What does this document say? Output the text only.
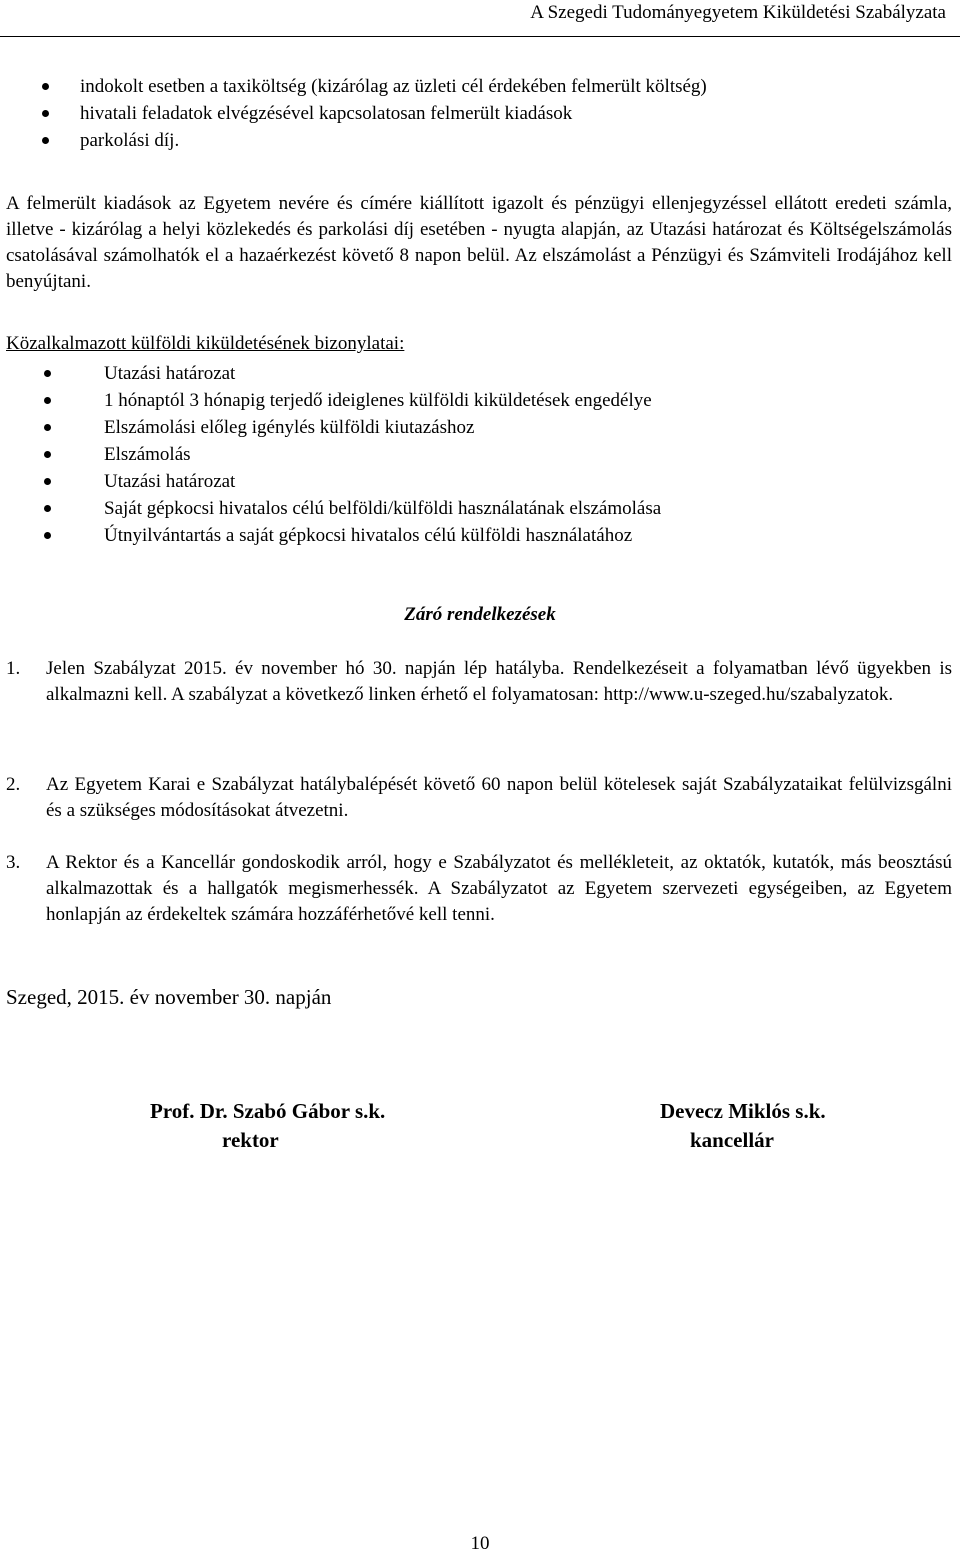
A Szegedi Tudományegyetem Kiküldetési Szabályzata
indokolt esetben a taxiköltség (kizárólag az üzleti cél érdekében felmerült költség)
hivatali feladatok elvégzésével kapcsolatosan felmerült kiadások
parkolási díj.
A felmerült kiadások az Egyetem nevére és címére kiállított igazolt és pénzügyi ellenjegyzéssel ellátott eredeti számla, illetve - kizárólag a helyi közlekedés és parkolási díj esetében - nyugta alapján, az Utazási határozat és Költségelszámolás csatolásával számolhatók el a hazaérkezést követő 8 napon belül. Az elszámolást a Pénzügyi és Számviteli Irodájához kell benyújtani.
Közalkalmazott külföldi kiküldetésének bizonylatai:
Utazási határozat
1 hónaptól 3 hónapig terjedő ideiglenes külföldi kiküldetések engedélye
Elszámolási előleg igénylés külföldi kiutazáshoz
Elszámolás
Utazási határozat
Saját gépkocsi hivatalos célú belföldi/külföldi használatának elszámolása
Útnyilvántartás a saját gépkocsi hivatalos célú külföldi használatához
Záró rendelkezések
1. Jelen Szabályzat 2015. év november hó 30. napján lép hatályba. Rendelkezéseit a folyamatban lévő ügyekben is alkalmazni kell. A szabályzat a következő linken érhető el folyamatosan: http://www.u-szeged.hu/szabalyzatok.
2. Az Egyetem Karai e Szabályzat hatálybalépését követő 60 napon belül kötelesek saját Szabályzataikat felülvizsgálni és a szükséges módosításokat átvezetni.
3. A Rektor és a Kancellár gondoskodik arról, hogy e Szabályzatot és mellékleteit, az oktatók, kutatók, más beosztású alkalmazottak és a hallgatók megismerhessék. A Szabályzatot az Egyetem szervezeti egységeiben, az Egyetem honlapján az érdekeltek számára hozzáférhetővé kell tenni.
Szeged, 2015. év november 30. napján
Prof. Dr. Szabó Gábor s.k.
rektor
Devecz Miklós s.k.
kancellár
10
